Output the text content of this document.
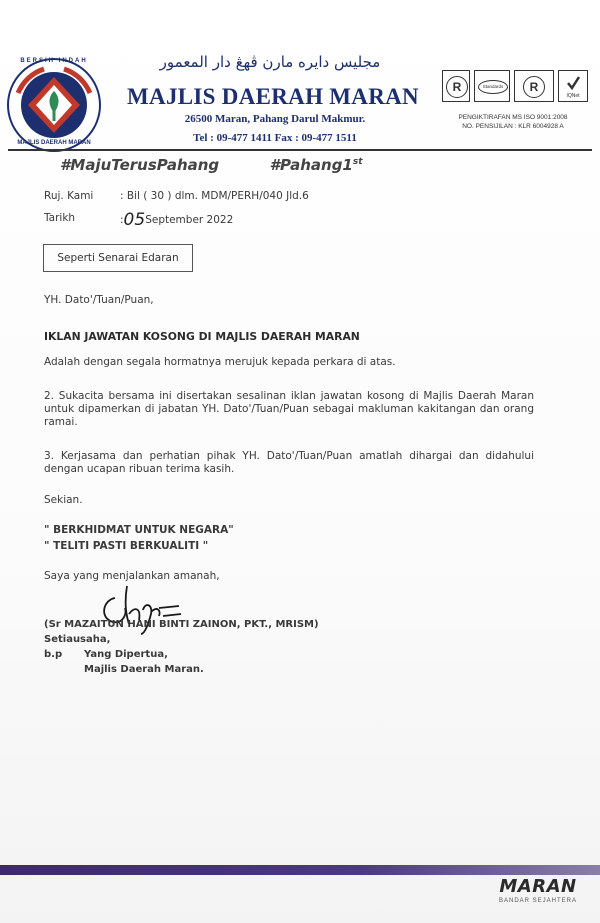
BERSIH INDAH
MAJLIS DAERAH MARAN
مجليس دايره مارن ڤهڠ دار المعمور
MAJLIS DAERAH MARAN
26500 Maran, Pahang Darul Makmur.
Tel : 09-477 1411 Fax : 09-477 1511
R	Standards	R
IQNet
PENGIKTIRAFAN MS ISO 9001:2008
NO. PENSIJILAN : KLR 6004928 A
#MajuTerusPahang	#Pahang1st
Ruj. Kami	: Bil ( 30 ) dlm. MDM/PERH/040 Jld.6
Tarikh	:05September 2022
Seperti Senarai Edaran
YH. Dato'/Tuan/Puan,
IKLAN JAWATAN KOSONG DI MAJLIS DAERAH MARAN
Adalah dengan segala hormatnya merujuk kepada perkara di atas.
2. Sukacita bersama ini disertakan sesalinan iklan jawatan kosong di Majlis Daerah Maran untuk dipamerkan di jabatan YH. Dato'/Tuan/Puan sebagai makluman kakitangan dan orang ramai.
3. Kerjasama dan perhatian pihak YH. Dato'/Tuan/Puan amatlah dihargai dan didahului dengan ucapan ribuan terima kasih.
Sekian.
" BERKHIDMAT UNTUK NEGARA"
" TELITI PASTI BERKUALITI "
Saya yang menjalankan amanah,
(Sr MAZAITUN HANI BINTI ZAINON, PKT., MRISM)
Setiausaha,
b.p Yang Dipertua,
Majlis Daerah Maran.
MARAN
BANDAR SEJAHTERA
